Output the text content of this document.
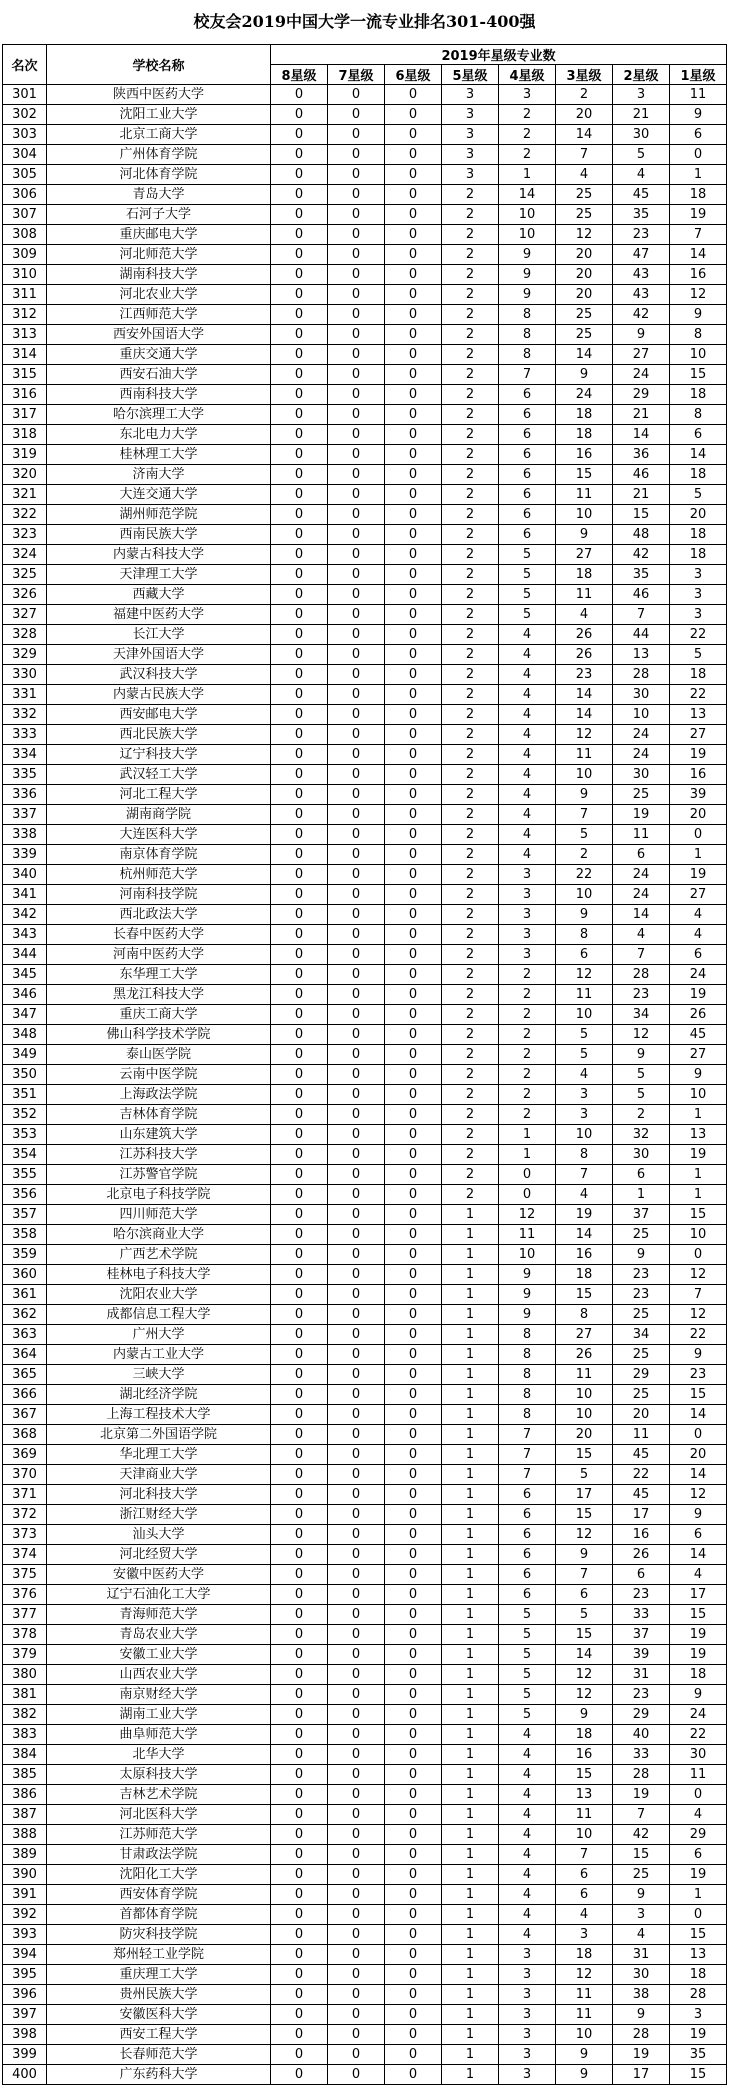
校友会2019中国大学一流专业排名301-400强
名次	学校名称	2019年星级专业数							
		8星级	7星级	6星级	5星级	4星级	3星级	2星级	1星级
301	陕西中医药大学	0	0	0	3	3	2	3	11
302	沈阳工业大学	0	0	0	3	2	20	21	9
303	北京工商大学	0	0	0	3	2	14	30	6
304	广州体育学院	0	0	0	3	2	7	5	0
305	河北体育学院	0	0	0	3	1	4	4	1
306	青岛大学	0	0	0	2	14	25	45	18
307	石河子大学	0	0	0	2	10	25	35	19
308	重庆邮电大学	0	0	0	2	10	12	23	7
309	河北师范大学	0	0	0	2	9	20	47	14
310	湖南科技大学	0	0	0	2	9	20	43	16
311	河北农业大学	0	0	0	2	9	20	43	12
312	江西师范大学	0	0	0	2	8	25	42	9
313	西安外国语大学	0	0	0	2	8	25	9	8
314	重庆交通大学	0	0	0	2	8	14	27	10
315	西安石油大学	0	0	0	2	7	9	24	15
316	西南科技大学	0	0	0	2	6	24	29	18
317	哈尔滨理工大学	0	0	0	2	6	18	21	8
318	东北电力大学	0	0	0	2	6	18	14	6
319	桂林理工大学	0	0	0	2	6	16	36	14
320	济南大学	0	0	0	2	6	15	46	18
321	大连交通大学	0	0	0	2	6	11	21	5
322	湖州师范学院	0	0	0	2	6	10	15	20
323	西南民族大学	0	0	0	2	6	9	48	18
324	内蒙古科技大学	0	0	0	2	5	27	42	18
325	天津理工大学	0	0	0	2	5	18	35	3
326	西藏大学	0	0	0	2	5	11	46	3
327	福建中医药大学	0	0	0	2	5	4	7	3
328	长江大学	0	0	0	2	4	26	44	22
329	天津外国语大学	0	0	0	2	4	26	13	5
330	武汉科技大学	0	0	0	2	4	23	28	18
331	内蒙古民族大学	0	0	0	2	4	14	30	22
332	西安邮电大学	0	0	0	2	4	14	10	13
333	西北民族大学	0	0	0	2	4	12	24	27
334	辽宁科技大学	0	0	0	2	4	11	24	19
335	武汉轻工大学	0	0	0	2	4	10	30	16
336	河北工程大学	0	0	0	2	4	9	25	39
337	湖南商学院	0	0	0	2	4	7	19	20
338	大连医科大学	0	0	0	2	4	5	11	0
339	南京体育学院	0	0	0	2	4	2	6	1
340	杭州师范大学	0	0	0	2	3	22	24	19
341	河南科技学院	0	0	0	2	3	10	24	27
342	西北政法大学	0	0	0	2	3	9	14	4
343	长春中医药大学	0	0	0	2	3	8	4	4
344	河南中医药大学	0	0	0	2	3	6	7	6
345	东华理工大学	0	0	0	2	2	12	28	24
346	黑龙江科技大学	0	0	0	2	2	11	23	19
347	重庆工商大学	0	0	0	2	2	10	34	26
348	佛山科学技术学院	0	0	0	2	2	5	12	45
349	泰山医学院	0	0	0	2	2	5	9	27
350	云南中医学院	0	0	0	2	2	4	5	9
351	上海政法学院	0	0	0	2	2	3	5	10
352	吉林体育学院	0	0	0	2	2	3	2	1
353	山东建筑大学	0	0	0	2	1	10	32	13
354	江苏科技大学	0	0	0	2	1	8	30	19
355	江苏警官学院	0	0	0	2	0	7	6	1
356	北京电子科技学院	0	0	0	2	0	4	1	1
357	四川师范大学	0	0	0	1	12	19	37	15
358	哈尔滨商业大学	0	0	0	1	11	14	25	10
359	广西艺术学院	0	0	0	1	10	16	9	0
360	桂林电子科技大学	0	0	0	1	9	18	23	12
361	沈阳农业大学	0	0	0	1	9	15	23	7
362	成都信息工程大学	0	0	0	1	9	8	25	12
363	广州大学	0	0	0	1	8	27	34	22
364	内蒙古工业大学	0	0	0	1	8	26	25	9
365	三峡大学	0	0	0	1	8	11	29	23
366	湖北经济学院	0	0	0	1	8	10	25	15
367	上海工程技术大学	0	0	0	1	8	10	20	14
368	北京第二外国语学院	0	0	0	1	7	20	11	0
369	华北理工大学	0	0	0	1	7	15	45	20
370	天津商业大学	0	0	0	1	7	5	22	14
371	河北科技大学	0	0	0	1	6	17	45	12
372	浙江财经大学	0	0	0	1	6	15	17	9
373	汕头大学	0	0	0	1	6	12	16	6
374	河北经贸大学	0	0	0	1	6	9	26	14
375	安徽中医药大学	0	0	0	1	6	7	6	4
376	辽宁石油化工大学	0	0	0	1	6	6	23	17
377	青海师范大学	0	0	0	1	5	5	33	15
378	青岛农业大学	0	0	0	1	5	15	37	19
379	安徽工业大学	0	0	0	1	5	14	39	19
380	山西农业大学	0	0	0	1	5	12	31	18
381	南京财经大学	0	0	0	1	5	12	23	9
382	湖南工业大学	0	0	0	1	5	9	29	24
383	曲阜师范大学	0	0	0	1	4	18	40	22
384	北华大学	0	0	0	1	4	16	33	30
385	太原科技大学	0	0	0	1	4	15	28	11
386	吉林艺术学院	0	0	0	1	4	13	19	0
387	河北医科大学	0	0	0	1	4	11	7	4
388	江苏师范大学	0	0	0	1	4	10	42	29
389	甘肃政法学院	0	0	0	1	4	7	15	6
390	沈阳化工大学	0	0	0	1	4	6	25	19
391	西安体育学院	0	0	0	1	4	6	9	1
392	首都体育学院	0	0	0	1	4	4	3	0
393	防灾科技学院	0	0	0	1	4	3	4	15
394	郑州轻工业学院	0	0	0	1	3	18	31	13
395	重庆理工大学	0	0	0	1	3	12	30	18
396	贵州民族大学	0	0	0	1	3	11	38	28
397	安徽医科大学	0	0	0	1	3	11	9	3
398	西安工程大学	0	0	0	1	3	10	28	19
399	长春师范大学	0	0	0	1	3	9	19	35
400	广东药科大学	0	0	0	1	3	9	17	15
